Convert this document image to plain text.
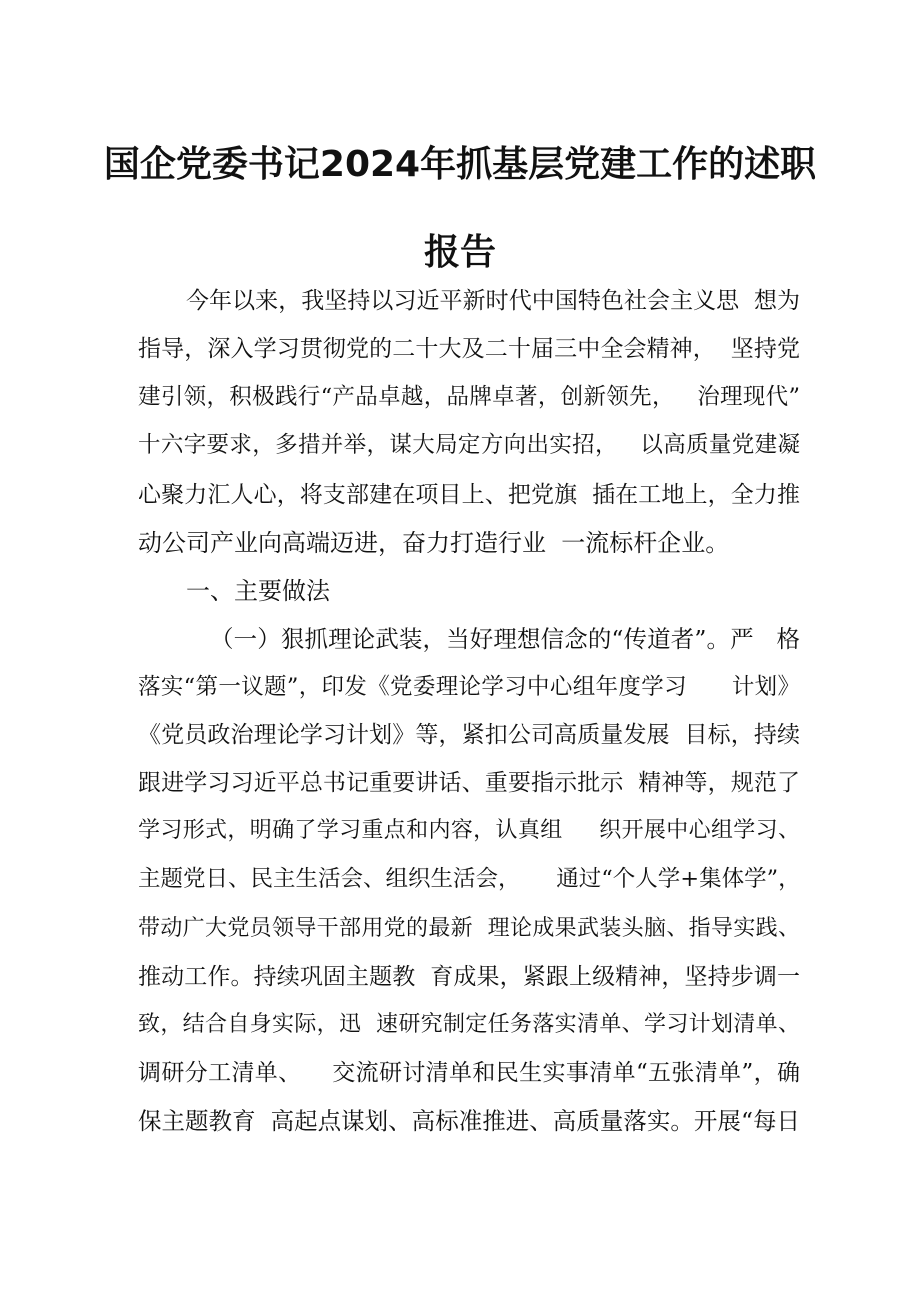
国企党委书记2024年抓基层党建工作的述职
报告
今年以来，我坚持以习近平新时代中国特色社会主义思  想为
指导，深入学习贯彻党的二十大及二十届三中全会精神，  坚持党
建引领，积极践行“产品卓越，品牌卓著，创新领先，   治理现代”
十六字要求，多措并举，谋大局定方向出实招，   以高质量党建凝
心聚力汇人心，将支部建在项目上、把党旗  插在工地上，全力推
动公司产业向高端迈进，奋力打造行业  一流标杆企业。
一、主要做法
（一）狠抓理论武装，当好理想信念的“传道者”。严   格
落实“第一议题”，印发《党委理论学习中心组年度学习      计划》
《党员政治理论学习计划》等，紧扣公司高质量发展  目标，持续
跟进学习习近平总书记重要讲话、重要指示批示  精神等，规范了
学习形式，明确了学习重点和内容，认真组     织开展中心组学习、
主题党日、民主生活会、组织生活会，     通过“个人学+集体学”，
带动广大党员领导干部用党的最新  理论成果武装头脑、指导实践、
推动工作。持续巩固主题教  育成果，紧跟上级精神，坚持步调一
致，结合自身实际，迅  速研究制定任务落实清单、学习计划清单、
调研分工清单、    交流研讨清单和民生实事清单“五张清单”，确
保主题教育  高起点谋划、高标准推进、高质量落实。开展“每日
